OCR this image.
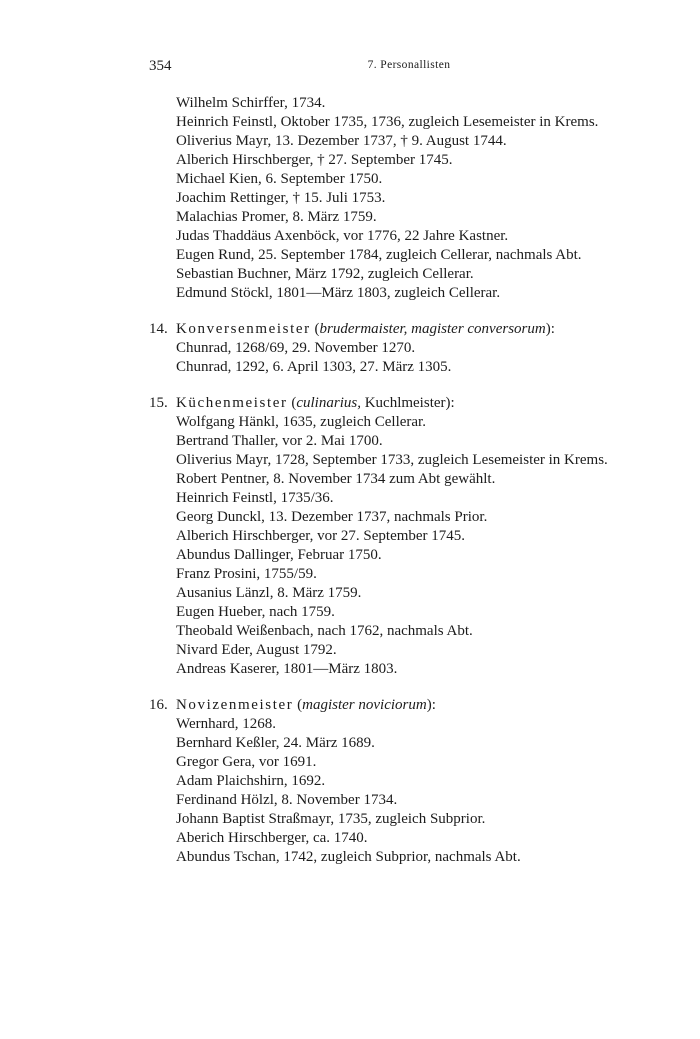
354	7. Personallisten
Wilhelm Schirffer, 1734.
Heinrich Feinstl, Oktober 1735, 1736, zugleich Lesemeister in Krems.
Oliverius Mayr, 13. Dezember 1737, † 9. August 1744.
Alberich Hirschberger, † 27. September 1745.
Michael Kien, 6. September 1750.
Joachim Rettinger, † 15. Juli 1753.
Malachias Promer, 8. März 1759.
Judas Thaddäus Axenböck, vor 1776, 22 Jahre Kastner.
Eugen Rund, 25. September 1784, zugleich Cellerar, nachmals Abt.
Sebastian Buchner, März 1792, zugleich Cellerar.
Edmund Stöckl, 1801—März 1803, zugleich Cellerar.
14. Konversenmeister (brudermaister, magister conversorum):
Chunrad, 1268/69, 29. November 1270.
Chunrad, 1292, 6. April 1303, 27. März 1305.
15. Küchenmeister (culinarius, Kuchlmeister):
Wolfgang Hänkl, 1635, zugleich Cellerar.
Bertrand Thaller, vor 2. Mai 1700.
Oliverius Mayr, 1728, September 1733, zugleich Lesemeister in Krems.
Robert Pentner, 8. November 1734 zum Abt gewählt.
Heinrich Feinstl, 1735/36.
Georg Dunckl, 13. Dezember 1737, nachmals Prior.
Alberich Hirschberger, vor 27. September 1745.
Abundus Dallinger, Februar 1750.
Franz Prosini, 1755/59.
Ausanius Länzl, 8. März 1759.
Eugen Hueber, nach 1759.
Theobald Weißenbach, nach 1762, nachmals Abt.
Nivard Eder, August 1792.
Andreas Kaserer, 1801—März 1803.
16. Novizenmeister (magister noviciorum):
Wernhard, 1268.
Bernhard Keßler, 24. März 1689.
Gregor Gera, vor 1691.
Adam Plaichshirn, 1692.
Ferdinand Hölzl, 8. November 1734.
Johann Baptist Straßmayr, 1735, zugleich Subprior.
Aberich Hirschberger, ca. 1740.
Abundus Tschan, 1742, zugleich Subprior, nachmals Abt.
